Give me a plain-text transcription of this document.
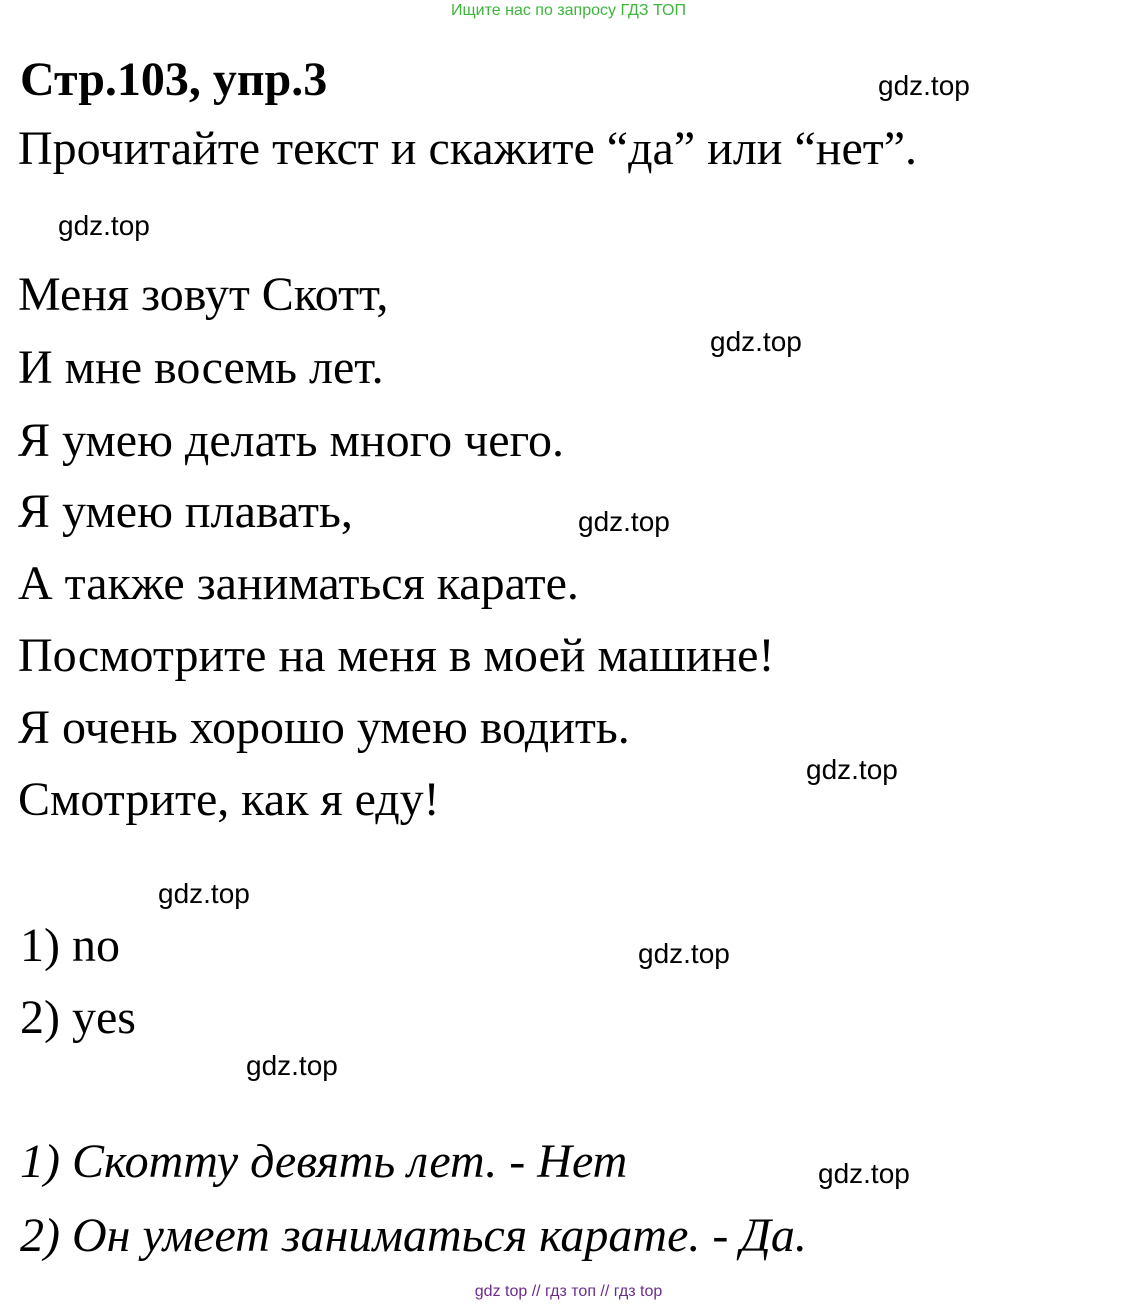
Ищите нас по запросу ГДЗ ТОП
Стр.103, упр.3
Прочитайте текст и скажите “да” или “нет”.
Меня зовут Скотт,
И мне восемь лет.
Я умею делать много чего.
Я умею плавать,
А также заниматься карате.
Посмотрите на меня в моей машине!
Я очень хорошо умею водить.
Смотрите, как я еду!
1) no
2) yes
1) Скотту девять лет. - Нет
2) Он умеет заниматься карате. - Да.
gdz.top
gdz.top
gdz.top
gdz.top
gdz.top
gdz.top
gdz.top
gdz.top
gdz.top
gdz top // гдз топ // гдз top
